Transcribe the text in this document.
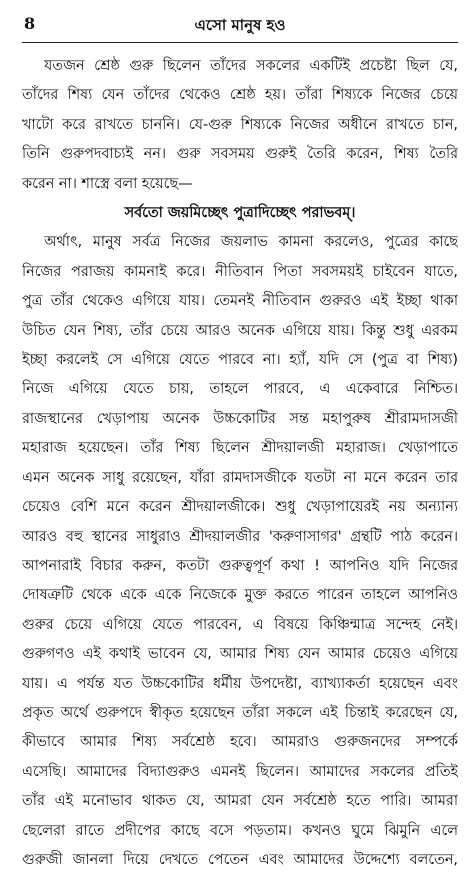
8	এসো মানুষ হও
যতজন শ্রেষ্ঠ গুরু ছিলেন তাঁদের সকলের একটিই প্রচেষ্টা ছিল যে,
তাঁদের শিষ্য যেন তাঁদের থেকেও শ্রেষ্ঠ হয়। তাঁরা শিষ্যকে নিজের চেয়ে
খাটো করে রাখতে চাননি। যে-গুরু শিষ্যকে নিজের অধীনে রাখতে চান,
তিনি গুরুপদবাচ্যই নন। গুরু সবসময় গুরুই তৈরি করেন, শিষ্য তৈরি
করেন না। শাস্ত্রে বলা হয়েছে—
সর্বতো জয়মিচ্ছেৎ পুত্রাদিচ্ছেৎ পরাভবম্।
অর্থাৎ, মানুষ সর্বত্র নিজের জয়লাভ কামনা করলেও, পুত্রের কাছে
নিজের পরাজয় কামনাই করে। নীতিবান পিতা সবসময়ই চাইবেন যাতে,
পুত্র তাঁর থেকেও এগিয়ে যায়। তেমনই নীতিবান গুরুরও এই ইচ্ছা থাকা
উচিত যেন শিষ্য, তাঁর চেয়ে আরও অনেক এগিয়ে যায়। কিন্তু শুধু এরকম
ইচ্ছা করলেই সে এগিয়ে যেতে পারবে না। হ্যাঁ, যদি সে (পুত্র বা শিষ্য)
নিজে এগিয়ে যেতে চায়, তাহলে পারবে, এ একেবারে নিশ্চিত।
রাজস্থানের খেড়াপায় অনেক উচ্চকোটির সন্ত মহাপুরুষ শ্রীরামদাসজী
মহারাজ হয়েছেন। তাঁর শিষ্য ছিলেন শ্রীদয়ালজী মহারাজ। খেড়াপাতে
এমন অনেক সাধু রয়েছেন, যাঁরা রামদাসজীকে যতটা না মনে করেন তার
চেয়েও বেশি মনে করেন শ্রীদয়ালজীকে। শুধু খেড়াপায়েরই নয় অন্যান্য
আরও বহু স্থানের সাধুরাও শ্রীদয়ালজীর 'করুণাসাগর' গ্রন্থটি পাঠ করেন।
আপনারাই বিচার করুন, কতটা গুরুত্বপূর্ণ কথা ! আপনিও যদি নিজের
দোষত্রুটি থেকে একে একে নিজেকে মুক্ত করতে পারেন তাহলে আপনিও
গুরুর চেয়ে এগিয়ে যেতে পারবেন, এ বিষয়ে কিঞ্চিন্মাত্র সন্দেহ নেই।
গুরুগণও এই কথাই ভাবেন যে, আমার শিষ্য যেন আমার চেয়েও এগিয়ে
যায়। এ পর্যন্ত যত উচ্চকোটির ধর্মীয় উপদেষ্টা, ব্যাখ্যাকর্তা হয়েছেন এবং
প্রকৃত অর্থে গুরুপদে স্বীকৃত হয়েছেন তাঁরা সকলে এই চিন্তাই করেছেন যে,
কীভাবে আমার শিষ্য সর্বশ্রেষ্ঠ হবে। আমরাও গুরুজনদের সম্পর্কে
এসেছি। আমাদের বিদ্যাগুরুও এমনই ছিলেন। আমাদের সকলের প্রতিই
তাঁর এই মনোভাব থাকত যে, আমরা যেন সর্বশ্রেষ্ঠ হতে পারি। আমরা
ছেলেরা রাতে প্রদীপের কাছে বসে পড়তাম। কখনও ঘুমে ঝিমুনি এলে
গুরুজী জানলা দিয়ে দেখতে পেতেন এবং আমাদের উদ্দেশ্যে বলতেন,
